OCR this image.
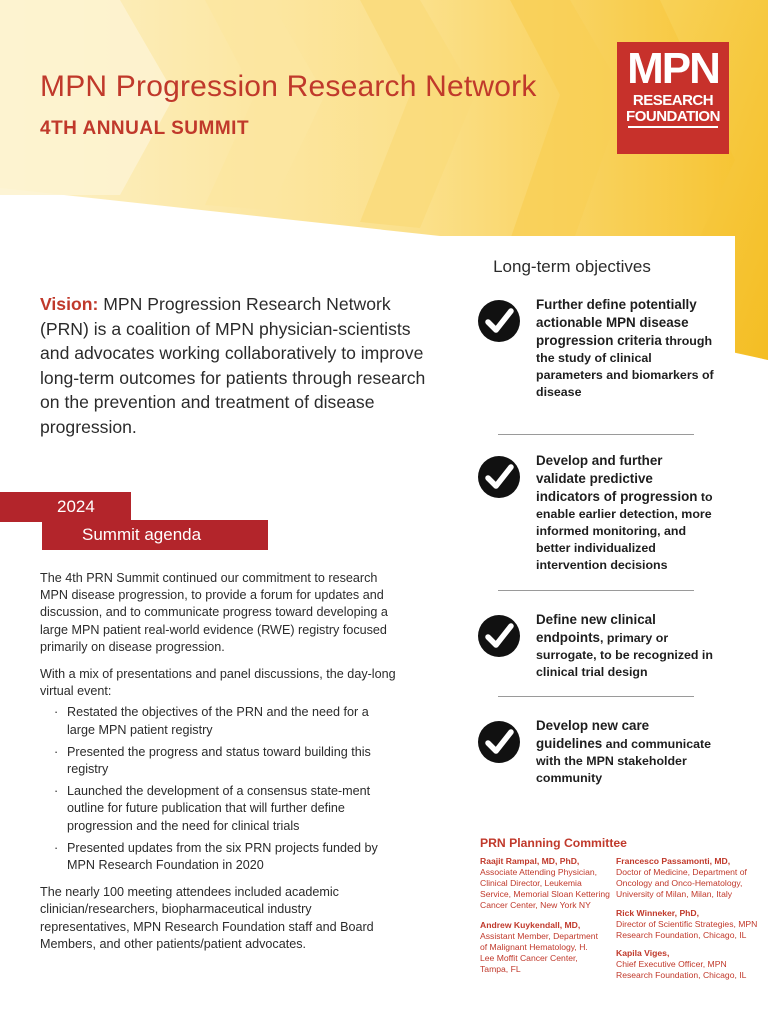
MPN Progression Research Network
4TH ANNUAL SUMMIT
MPN
RESEARCH
FOUNDATION
Vision: MPN Progression Research Network (PRN) is a coalition of MPN physician-scientists and advocates working collaboratively to improve long-term outcomes for patients through research on the prevention and treatment of disease progression.
2024
Summit agenda

The 4th PRN Summit continued our commitment to research MPN disease progression, to provide a forum for updates and discussion, and to communicate progress toward developing a large MPN patient real-world evidence (RWE) registry focused primarily on disease progression.

With a mix of presentations and panel discussions, the day-long virtual event:

· Restated the objectives of the PRN and the need for a large MPN patient registry
· Presented the progress and status toward building this registry
· Launched the development of a consensus state-ment outline for future publication that will further define progression and the need for clinical trials
· Presented updates from the six PRN projects funded by MPN Research Foundation in 2020

The nearly 100 meeting attendees included academic clinician/researchers, biopharmaceutical industry representatives, MPN Research Foundation staff and Board Members, and other patients/patient advocates.

Long-term objectives
Further define potentially actionable MPN disease progression criteria through the study of clinical parameters and biomarkers of disease
Develop and further validate predictive indicators of progression to enable earlier detection, more informed monitoring, and better individualized intervention decisions
Define new clinical endpoints, primary or surrogate, to be recognized in clinical trial design
Develop new care guidelines and communicate with the MPN stakeholder community
PRN Planning Committee
Raajit Rampal, MD, PhD,
Associate Attending Physician, Clinical Director, Leukemia Service, Memorial Sloan Kettering Cancer Center, New York NY
Andrew Kuykendall, MD,
Assistant Member, Department of Malignant Hematology, H. Lee Moffit Cancer Center, Tampa, FL
Francesco Passamonti, MD,
Doctor of Medicine, Department of Oncology and Onco-Hematology, University of Milan, Milan, Italy
Rick Winneker, PhD,
Director of Scientific Strategies, MPN Research Foundation, Chicago, IL
Kapila Viges,
Chief Executive Officer, MPN Research Foundation, Chicago, IL
